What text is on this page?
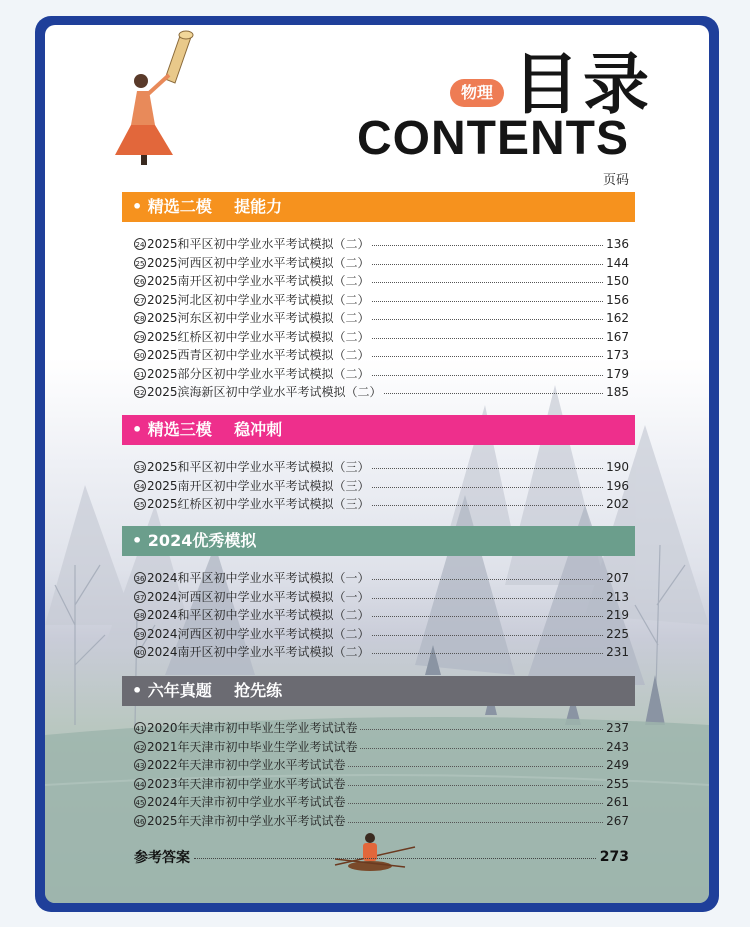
物理 目录
CONTENTS
页码
• 精选二模    提能力
• 精选三模    稳冲刺
• 2024优秀模拟
• 六年真题    抢先练
参考答案	273
24 2025和平区初中学业水平考试模拟（二）	136
25 2025河西区初中学业水平考试模拟（二）	144
26 2025南开区初中学业水平考试模拟（二）	150
27 2025河北区初中学业水平考试模拟（二）	156
28 2025河东区初中学业水平考试模拟（二）	162
29 2025红桥区初中学业水平考试模拟（二）	167
30 2025西青区初中学业水平考试模拟（二）	173
31 2025部分区初中学业水平考试模拟（二）	179
32 2025滨海新区初中学业水平考试模拟（二）	185
33 2025和平区初中学业水平考试模拟（三）	190
34 2025南开区初中学业水平考试模拟（三）	196
35 2025红桥区初中学业水平考试模拟（三）	202
36 2024和平区初中学业水平考试模拟（一）	207
37 2024河西区初中学业水平考试模拟（一）	213
38 2024和平区初中学业水平考试模拟（二）	219
39 2024河西区初中学业水平考试模拟（二）	225
40 2024南开区初中学业水平考试模拟（二）	231
41 2020年天津市初中毕业生学业考试试卷	237
42 2021年天津市初中毕业生学业考试试卷	243
43 2022年天津市初中学业水平考试试卷	249
44 2023年天津市初中学业水平考试试卷	255
45 2024年天津市初中学业水平考试试卷	261
46 2025年天津市初中学业水平考试试卷	267
